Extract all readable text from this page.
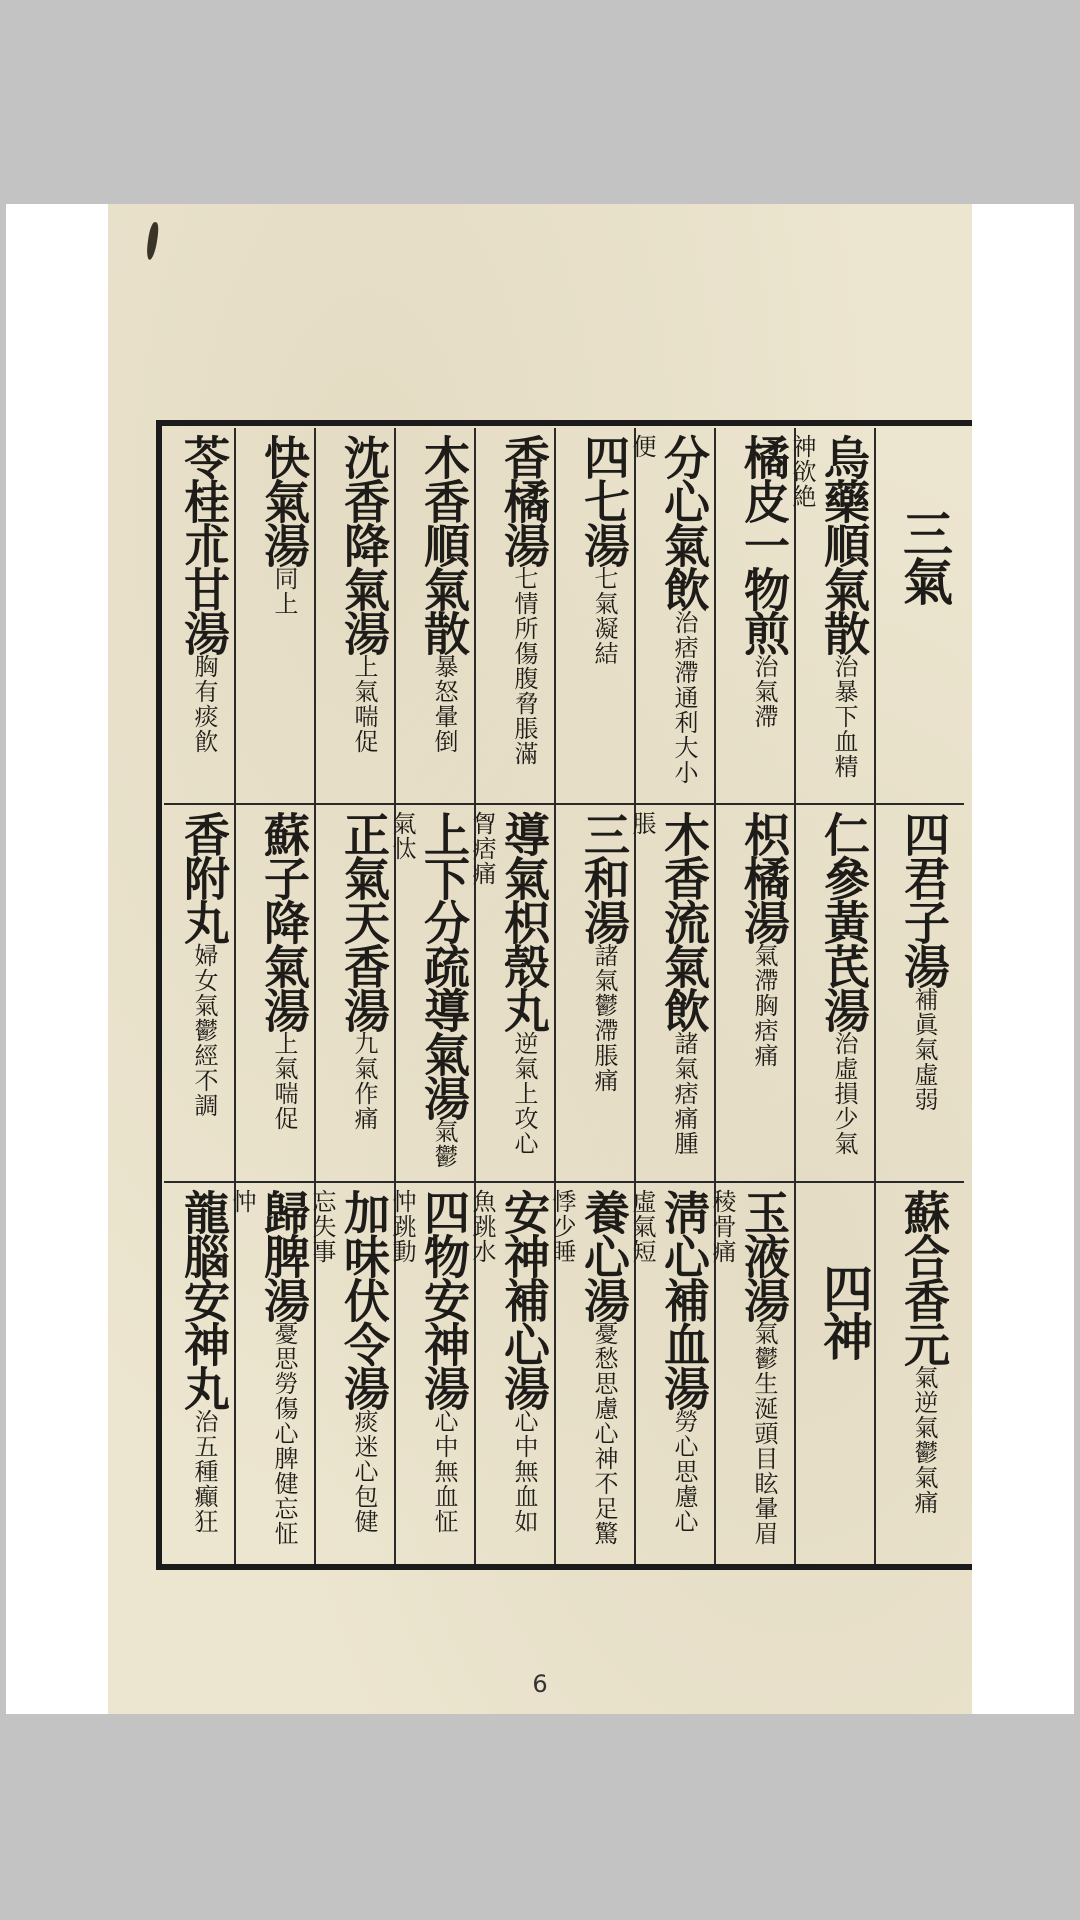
三氣
烏藥順氣散治暴下血精神欲絶
橘皮一物煎治氣滯
分心氣飲治痞滯通利大小便
四七湯七氣凝結
香橘湯七情所傷腹脅脹滿
木香順氣散暴怒暈倒
沈香降氣湯上氣喘促
快氣湯同上
苓桂朮甘湯胸有痰飮
四君子湯補眞氣虛弱
仁參黃芪湯治虛損少氣
枳橘湯氣滯胸痞痛
木香流氣飲諸氣痞痛腫脹
三和湯諸氣鬱滯脹痛
導氣枳殼丸逆氣上攻心胷痞痛
上下分疏導氣湯氣鬱氣忲
正氣天香湯九氣作痛
蘇子降氣湯上氣喘促
香附丸婦女氣鬱經不調
蘇合香元氣逆氣鬱氣痛
四神
玉液湯氣鬱生涎頭目眩暈眉稜骨痛
淸心補血湯勞心思慮心虛氣短
養心湯憂愁思慮心神不足驚悸少睡
安神補心湯心中無血如魚跳水
四物安神湯心中無血怔忡跳動
加味伏令湯痰迷心包健忘失事
歸脾湯憂思勞傷心脾健忘怔忡
龍腦安神丸治五種癲狂
6
